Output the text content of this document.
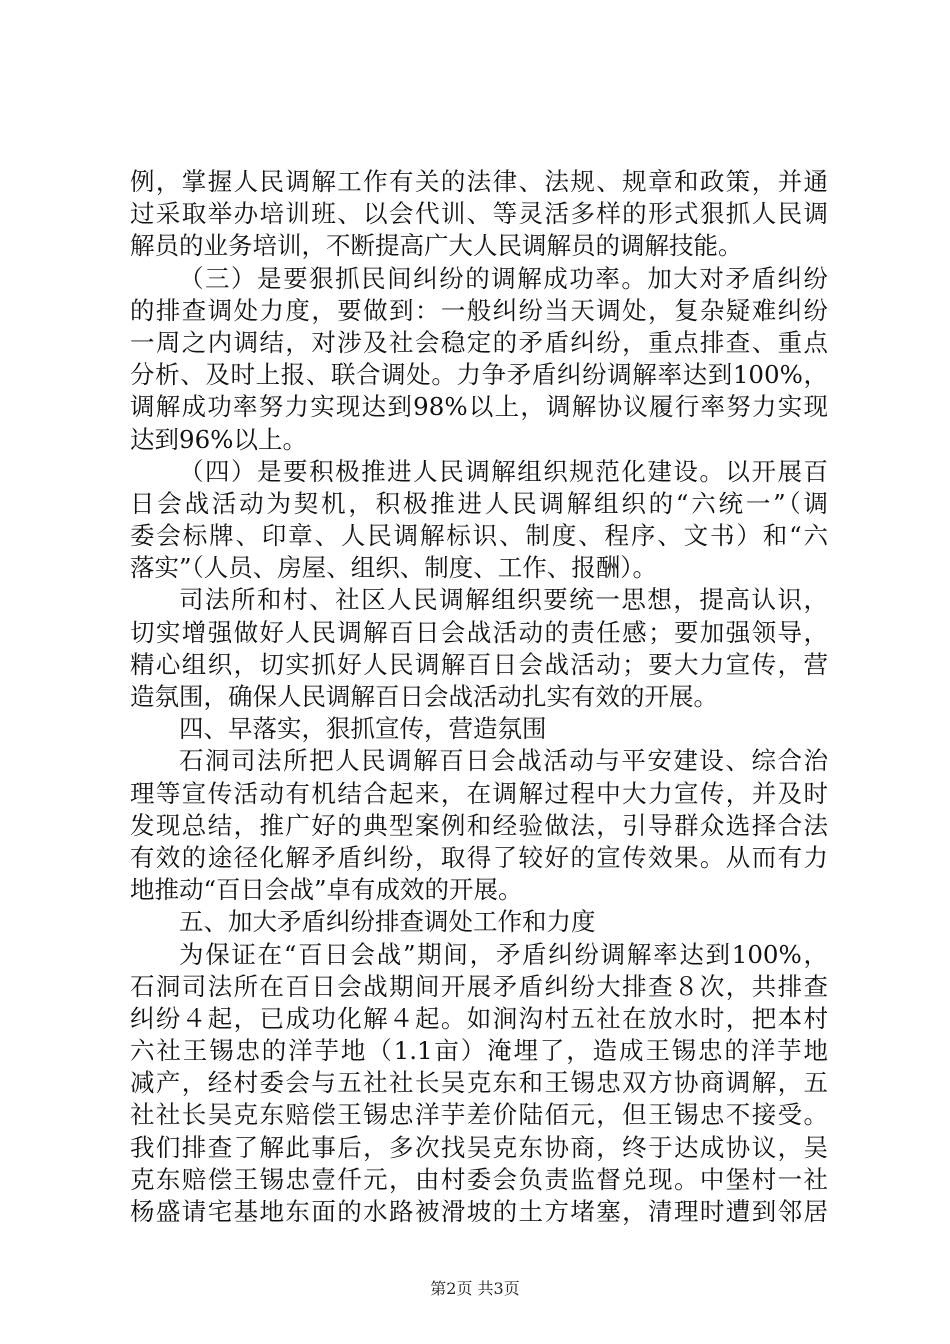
例，掌握人民调解工作有关的法律、法规、规章和政策，并通
过采取举办培训班、以会代训、等灵活多样的形式狠抓人民调
解员的业务培训，不断提高广大人民调解员的调解技能。
（三）是要狠抓民间纠纷的调解成功率。加大对矛盾纠纷
的排查调处力度，要做到：一般纠纷当天调处，复杂疑难纠纷
一周之内调结，对涉及社会稳定的矛盾纠纷，重点排查、重点
分析、及时上报、联合调处。力争矛盾纠纷调解率达到100%，
调解成功率努力实现达到98%以上，调解协议履行率努力实现
达到96%以上。
（四）是要积极推进人民调解组织规范化建设。以开展百
日会战活动为契机，积极推进人民调解组织的“六统一”（调
委会标牌、印章、人民调解标识、制度、程序、文书）和“六
落实”（人员、房屋、组织、制度、工作、报酬）。
司法所和村、社区人民调解组织要统一思想，提高认识，
切实增强做好人民调解百日会战活动的责任感；要加强领导，
精心组织，切实抓好人民调解百日会战活动；要大力宣传，营
造氛围，确保人民调解百日会战活动扎实有效的开展。
四、早落实，狠抓宣传，营造氛围
石洞司法所把人民调解百日会战活动与平安建设、综合治
理等宣传活动有机结合起来，在调解过程中大力宣传，并及时
发现总结，推广好的典型案例和经验做法，引导群众选择合法
有效的途径化解矛盾纠纷，取得了较好的宣传效果。从而有力
地推动“百日会战”卓有成效的开展。
五、加大矛盾纠纷排查调处工作和力度
为保证在“百日会战”期间，矛盾纠纷调解率达到100%，
石洞司法所在百日会战期间开展矛盾纠纷大排查８次，共排查
纠纷４起，已成功化解４起。如涧沟村五社在放水时，把本村
六社王锡忠的洋芋地（1.1亩）淹埋了，造成王锡忠的洋芋地
减产，经村委会与五社社长吴克东和王锡忠双方协商调解，五
社社长吴克东赔偿王锡忠洋芋差价陆佰元，但王锡忠不接受。
我们排查了解此事后，多次找吴克东协商，终于达成协议，吴
克东赔偿王锡忠壹仟元，由村委会负责监督兑现。中堡村一社
杨盛请宅基地东面的水路被滑坡的土方堵塞，清理时遭到邻居
第2页 共3页
